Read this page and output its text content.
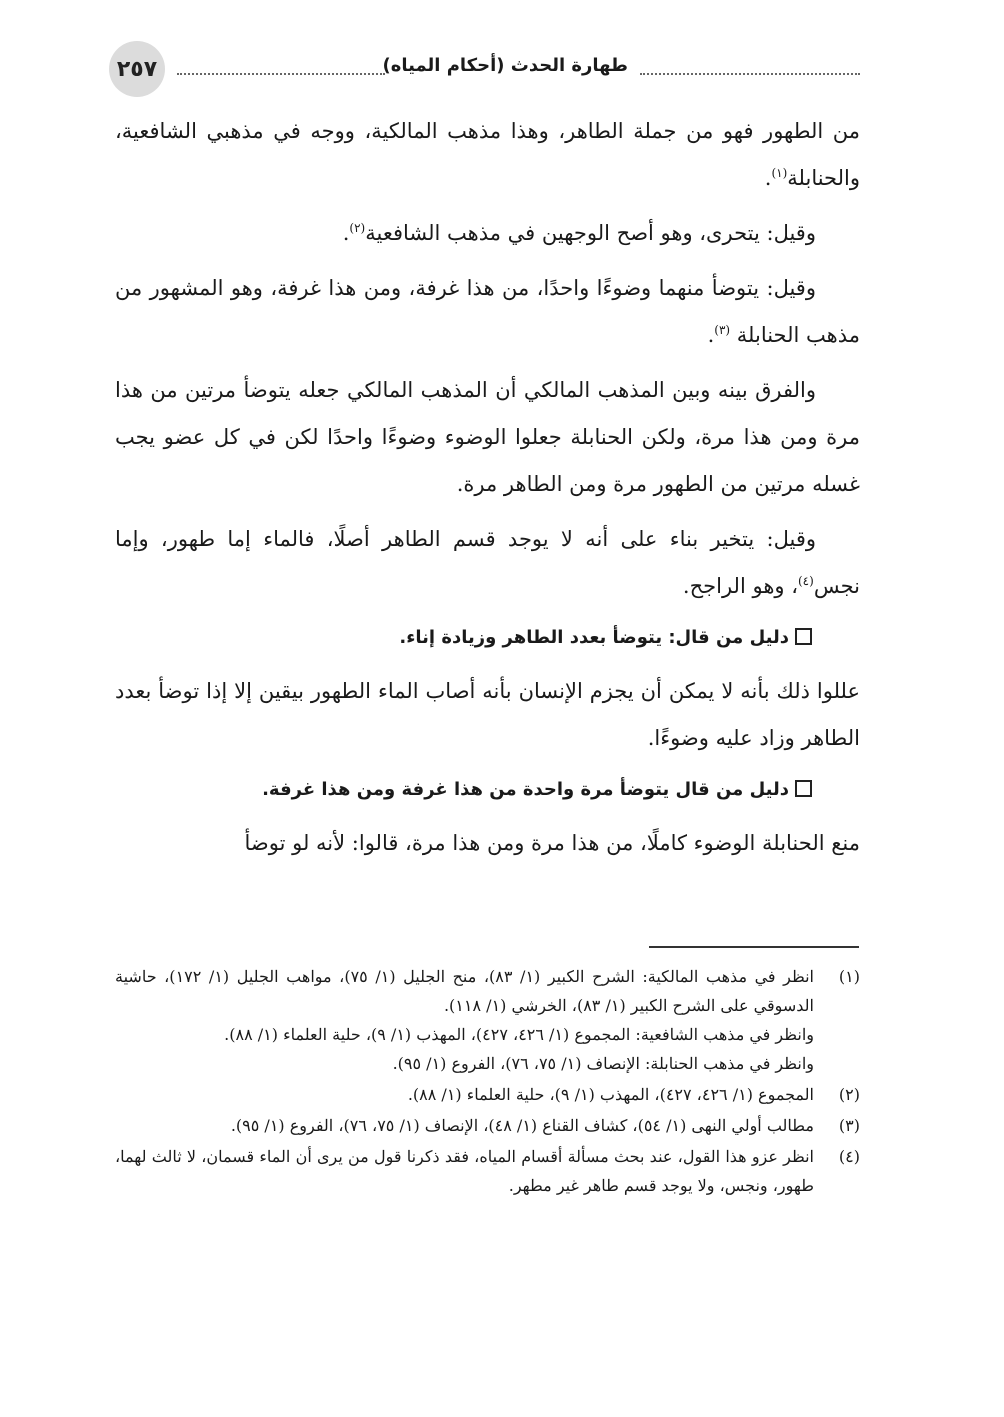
٢٥٧	طهارة الحدث (أحكام المياه)

من الطهور فهو من جملة الطاهر، وهذا مذهب المالكية، ووجه في مذهبي الشافعية، والحنابلة$^{(١)}$.

وقيل: يتحرى، وهو أصح الوجهين في مذهب الشافعية$^{(٢)}$.

وقيل: يتوضأ منهما وضوءًا واحدًا، من هذا غرفة، ومن هذا غرفة، وهو المشهور من مذهب الحنابلة $^{(٣)}$.

والفرق بينه وبين المذهب المالكي أن المذهب المالكي جعله يتوضأ مرتين من هذا مرة ومن هذا مرة، ولكن الحنابلة جعلوا الوضوء وضوءًا واحدًا لكن في كل عضو يجب غسله مرتين من الطهور مرة ومن الطاهر مرة.

وقيل: يتخير بناء على أنه لا يوجد قسم الطاهر أصلًا، فالماء إما طهور، وإما نجس$^{(٤)}$، وهو الراجح.

دليل من قال: يتوضأ بعدد الطاهر وزيادة إناء.

عللوا ذلك بأنه لا يمكن أن يجزم الإنسان بأنه أصاب الماء الطهور بيقين إلا إذا توضأ بعدد الطاهر وزاد عليه وضوءًا.

دليل من قال يتوضأ مرة واحدة من هذا غرفة ومن هذا غرفة.

منع الحنابلة الوضوء كاملًا، من هذا مرة ومن هذا مرة، قالوا: لأنه لو توضأ

(١)
انظر في مذهب المالكية: الشرح الكبير (١/ ٨٣)، منح الجليل (١/ ٧٥)، مواهب الجليل (١/ ١٧٢)، حاشية الدسوقي على الشرح الكبير (١/ ٨٣)، الخرشي (١/ ١١٨).
وانظر في مذهب الشافعية: المجموع (١/ ٤٢٦، ٤٢٧)، المهذب (١/ ٩)، حلية العلماء (١/ ٨٨).
وانظر في مذهب الحنابلة: الإنصاف (١/ ٧٥، ٧٦)، الفروع (١/ ٩٥).
(٢)
المجموع (١/ ٤٢٦، ٤٢٧)، المهذب (١/ ٩)، حلية العلماء (١/ ٨٨).
(٣)
مطالب أولي النهى (١/ ٥٤)، كشاف القناع (١/ ٤٨)، الإنصاف (١/ ٧٥، ٧٦)، الفروع (١/ ٩٥).
(٤)
انظر عزو هذا القول، عند بحث مسألة أقسام المياه، فقد ذكرنا قول من يرى أن الماء قسمان، لا ثالث لهما، طهور، ونجس، ولا يوجد قسم طاهر غير مطهر.
